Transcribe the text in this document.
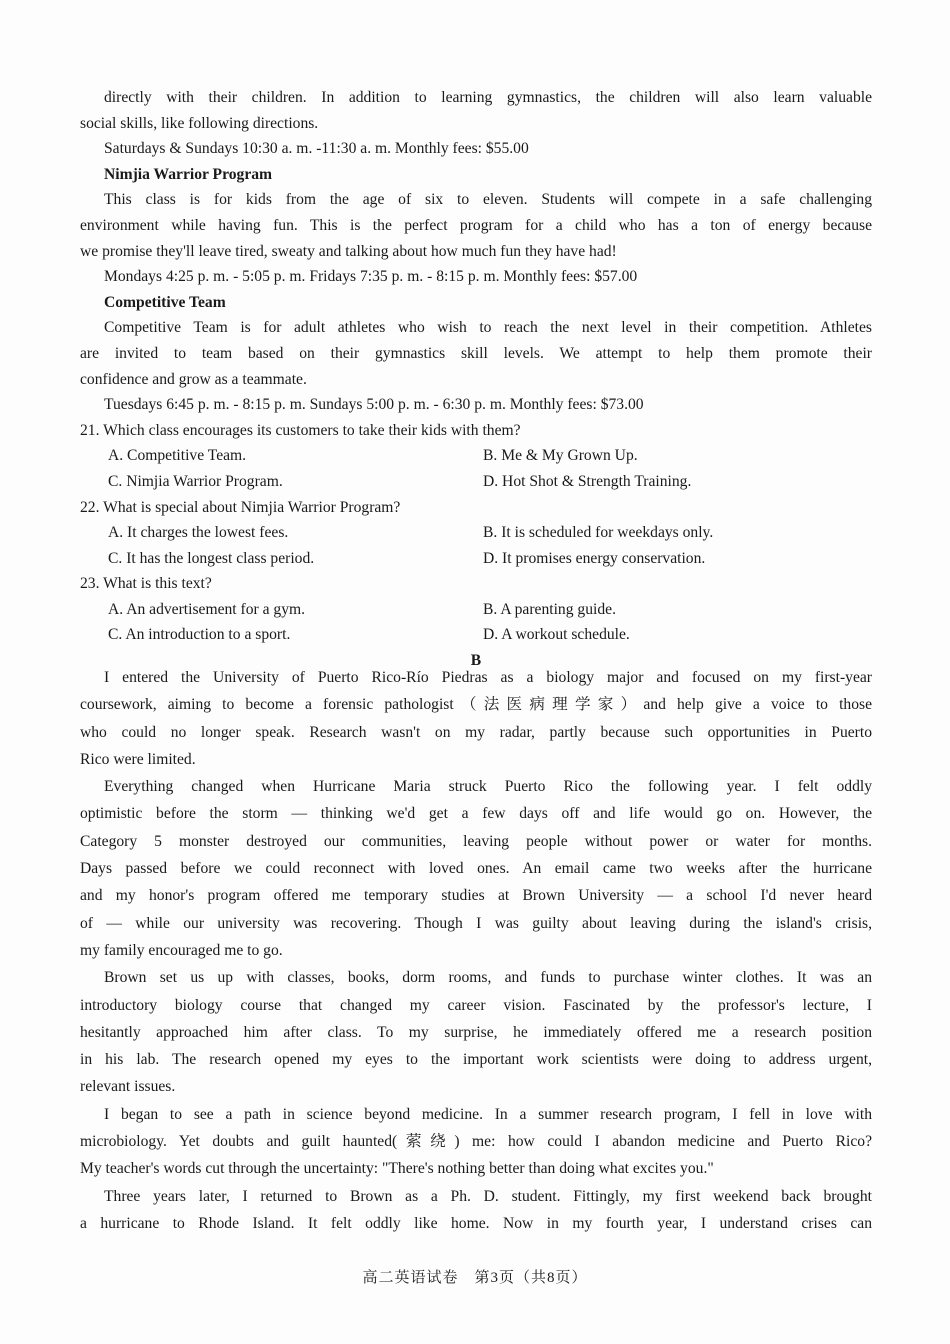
directly with their children. In addition to learning gymnastics, the children will also learn valuable
social skills, like following directions.
Saturdays & Sundays 10:30 a. m. -11:30 a. m. Monthly fees: $55.00
Nimjia Warrior Program
This class is for kids from the age of six to eleven. Students will compete in a safe challenging
environment while having fun. This is the perfect program for a child who has a ton of energy because
we promise they'll leave tired, sweaty and talking about how much fun they have had!
Mondays 4:25 p. m. - 5:05 p. m. Fridays 7:35 p. m. - 8:15 p. m. Monthly fees: $57.00
Competitive Team
Competitive Team is for adult athletes who wish to reach the next level in their competition. Athletes
are invited to team based on their gymnastics skill levels. We attempt to help them promote their
confidence and grow as a teammate.
Tuesdays 6:45 p. m. - 8:15 p. m. Sundays 5:00 p. m. - 6:30 p. m. Monthly fees: $73.00
21. Which class encourages its customers to take their kids with them?
A. Competitive Team.	B. Me & My Grown Up.
C. Nimjia Warrior Program.	D. Hot Shot & Strength Training.
22. What is special about Nimjia Warrior Program?
A. It charges the lowest fees.	B. It is scheduled for weekdays only.
C. It has the longest class period.	D. It promises energy conservation.
23. What is this text?
A. An advertisement for a gym.	B. A parenting guide.
C. An introduction to a sport.	D. A workout schedule.
B
I entered the University of Puerto Rico-Río Piedras as a biology major and focused on my first-year
coursework, aiming to become a forensic pathologist（法医病理学家）and help give a voice to those
who could no longer speak. Research wasn't on my radar, partly because such opportunities in Puerto
Rico were limited.
Everything changed when Hurricane Maria struck Puerto Rico the following year. I felt oddly
optimistic before the storm — thinking we'd get a few days off and life would go on. However, the
Category 5 monster destroyed our communities, leaving people without power or water for months.
Days passed before we could reconnect with loved ones. An email came two weeks after the hurricane
and my honor's program offered me temporary studies at Brown University — a school I'd never heard
of — while our university was recovering. Though I was guilty about leaving during the island's crisis,
my family encouraged me to go.
Brown set us up with classes, books, dorm rooms, and funds to purchase winter clothes. It was an
introductory biology course that changed my career vision. Fascinated by the professor's lecture, I
hesitantly approached him after class. To my surprise, he immediately offered me a research position
in his lab. The research opened my eyes to the important work scientists were doing to address urgent,
relevant issues.
I began to see a path in science beyond medicine. In a summer research program, I fell in love with
microbiology. Yet doubts and guilt haunted(萦绕) me: how could I abandon medicine and Puerto Rico?
My teacher's words cut through the uncertainty: "There's nothing better than doing what excites you."
Three years later, I returned to Brown as a Ph. D. student. Fittingly, my first weekend back brought
a hurricane to Rhode Island. It felt oddly like home. Now in my fourth year, I understand crises can
高二英语试卷　第3页（共8页）
